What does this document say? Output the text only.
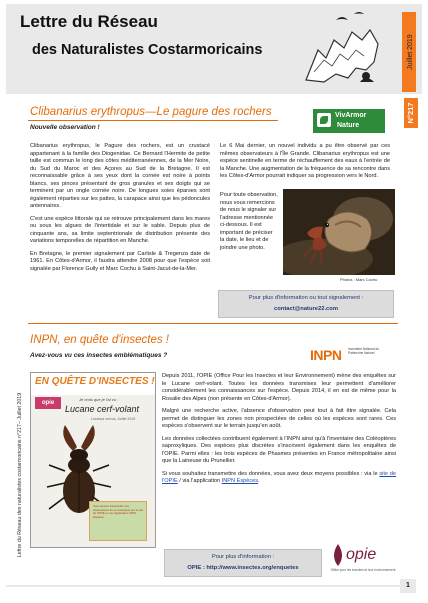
Lettre du Réseau
des Naturalistes Costarmoricains	Juillet 2019
N°217
Clibanarius erythropus—Le pagure des rochers
Nouvelle observation !
VivArmor
Nature

Clibanarius erythropus, le Pagure des rochers, est un crustacé appartenant à la famille des Diogenidae. Ce Bernard l'Hermite de petite taille est commun le long des côtes méditerranéennes, de la Mer Noire, du Sud du Maroc et des Açores au Sud de la Bretagne. Il est reconnaissable grâce à ses yeux dont la cornée est noire à points blancs, ses pinces présentant de gros granules et ses doigts qui se terminent par un ongle cornée noire. De longues soies éparses sont également réparties sur les pattes, la carapace ainsi que les pédoncules antennaires.

C'est une espèce littorale qui se retrouve principalement dans les mares ou sous les algues de l'intertidale et sur le sable. Depuis plus de cinquante ans, sa limite septentrionale de distribution présente des variations temporelles de répartition en Manche.

En Bretagne, le premier signalement par Carlisle & Tregenza date de 1961. En Côtes-d'Armor, il faudra attendre 2008 pour que l'espèce soit signalée par Florence Gully et Marc Cochu à Saint-Jacut-de-la-Mer.

Le 6 Mai dernier, un nouvel individu a pu être observé par ces mêmes observateurs à l'Île Grande. Clibanarius erythropus est une espèce sentinelle en terme de réchauffement des eaux à l'entrée de la Manche. Une augmentation de la fréquence de sa rencontre dans les Côtes-d'Armor pourrait indiquer sa progression vers le Nord.

Pour toute observation, nous vous remercions de nous le signaler sur l'adresse mentionnée ci-dessous. Il est important de préciser la date, le lieu et de joindre une photo.

Photos : Marc Cochu
Pour plus d'information ou tout signalement :
contact@nature22.com
INPN, en quête d'insectes !
Avez-vous vu ces insectes emblématiques ?	INPN Inventaire National du Patrimoine Naturel
EN QUÊTE D'INSECTES !
opie
Je crois que je l'ai vu :
Lucane cerf-volant
Lucanus cervus, Juillet 2019
Vous pouvez transmettre vos observations de ce coléoptère sur le site de l'OPIE ou via l'application INPN Espèces.

Depuis 2011, l'OPIE (Office Pour les Insectes et leur Environnement) mène des enquêtes sur le Lucane cerf-volant. Toutes les données transmises leur permettent d'améliorer considérablement les connaissances sur l'espèce. Depuis 2014, il en est de même pour la Rosalie des Alpes (non présente en Côtes-d'Armor).

Malgré une recherche active, l'absence d'observation peut tout à fait être signalée. Cela permet de distinguer les zones non prospectées de celles où les espèces sont rares. Ces espèces s'observent sur le terrain jusqu'en août.

Les données collectées contribuent également à l'INPN ainsi qu'à l'inventaire des Coléoptères saproxyliques. Des espèces plus discrètes s'inscrivent également dans les enquêtes de l'OPIE. Parmi elles : les trois espèces de Phasmes présentes en France métropolitaine ainsi que la Laineuse du Prunellier.

Si vous souhaitez transmettre des données, vous avez deux moyens possibles : via le site de l'OPIE / via l'application INPN Espèces.

Pour plus d'information :
OPIE : http://www.insectes.org/enquetes
opie
Office pour les insectes et leur environnement
Lettre du Réseau des naturalistes costarmoricains n°217– Juillet 2019
1
